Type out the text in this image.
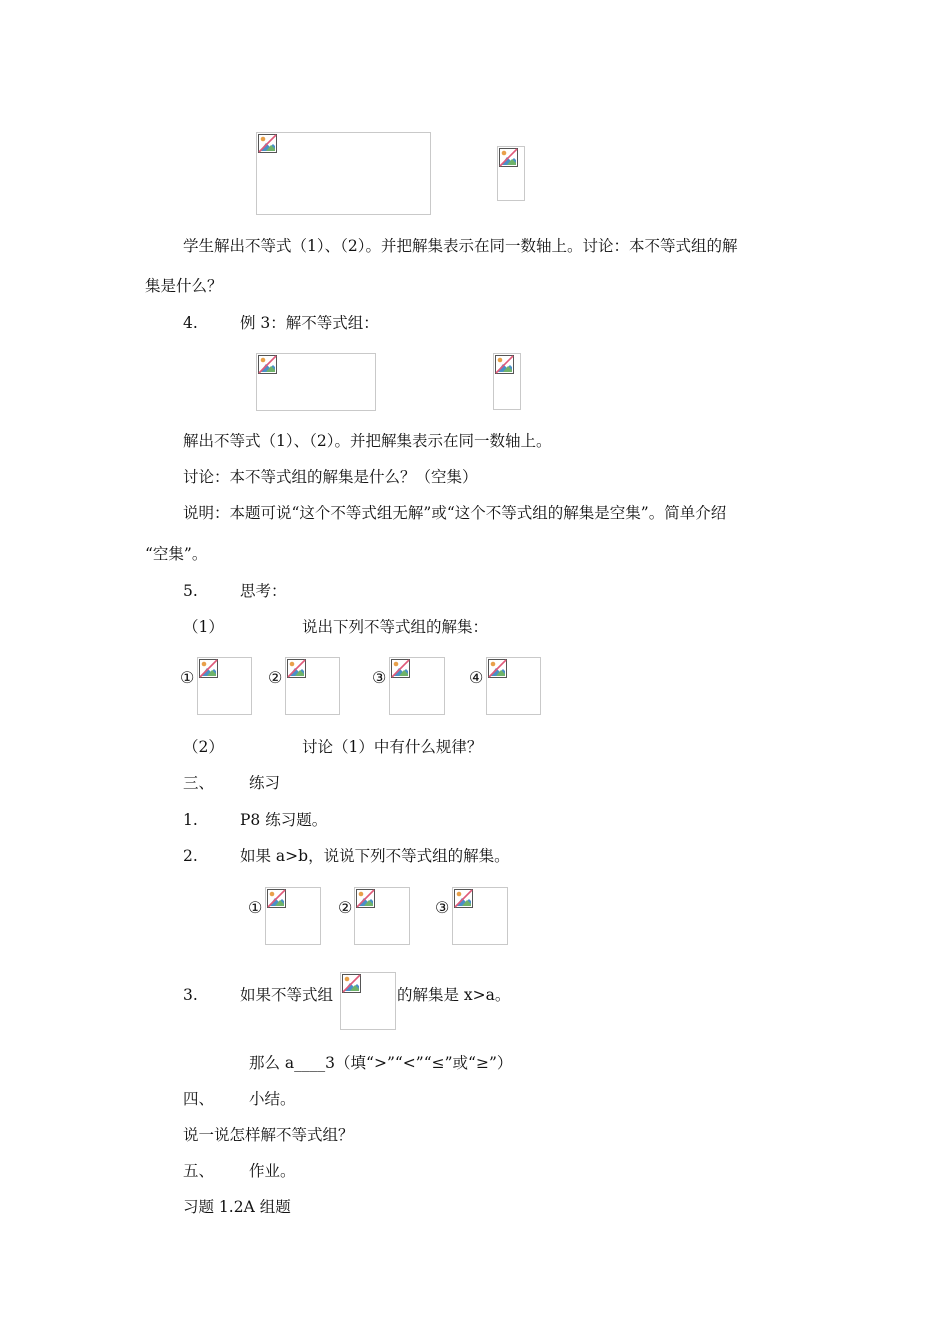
学生解出不等式（1）、（2）。并把解集表示在同一数轴上。讨论：本不等式组的解
集是什么？
4.	例 3：解不等式组：
解出不等式（1）、（2）。并把解集表示在同一数轴上。
讨论：本不等式组的解集是什么？（空集）
说明：本题可说“这个不等式组无解”或“这个不等式组的解集是空集”。简单介绍
“空集”。
5.	思考：
（1）	说出下列不等式组的解集：
①	②	③	④
（2）	讨论（1）中有什么规律？
三、 练习
1.	P8 练习题。
2.	如果 a>b，说说下列不等式组的解集。
①	②	③
3.	如果不等式组	的解集是 x>a。
那么 a____3（填“>”“<”“≤”或“≥”）
四、 小结。
说一说怎样解不等式组？
五、 作业。
习题 1.2A 组题
